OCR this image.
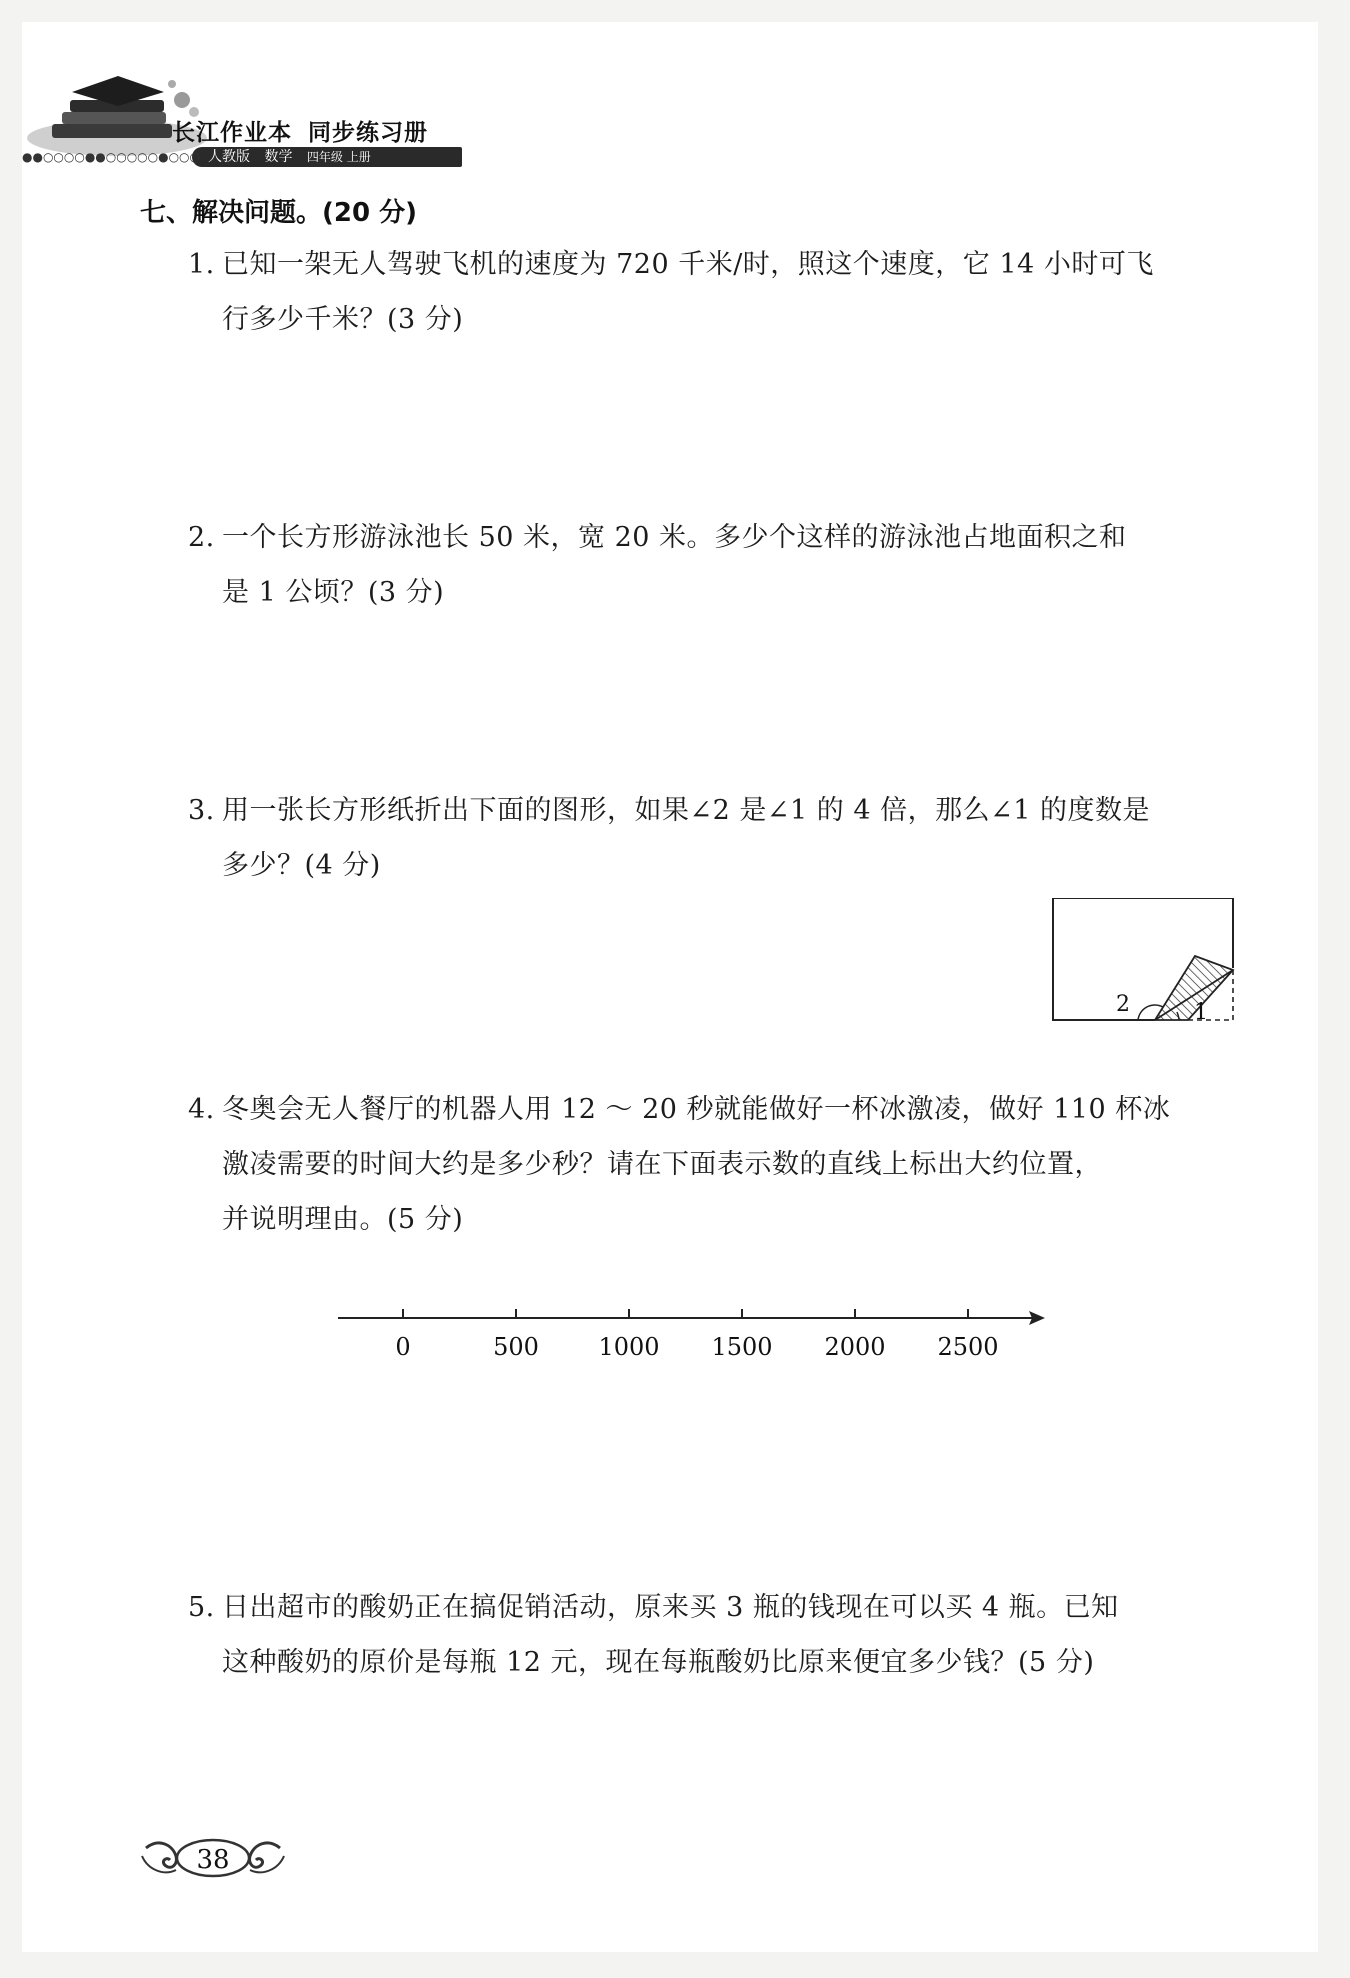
长江作业本 同步练习册
人教版 数学 四年级 上册
●●○○○○●●○○○○○●○○○
七、解决问题。(20 分)
1. 已知一架无人驾驶飞机的速度为 720 千米/时，照这个速度，它 14 小时可飞
行多少千米？(3 分)
2. 一个长方形游泳池长 50 米，宽 20 米。多少个这样的游泳池占地面积之和
是 1 公顷？(3 分)
3. 用一张长方形纸折出下面的图形，如果∠2 是∠1 的 4 倍，那么∠1 的度数是
多少？(4 分)
2	1
4. 冬奥会无人餐厅的机器人用 12 ～ 20 秒就能做好一杯冰激凌，做好 110 杯冰
激凌需要的时间大约是多少秒？请在下面表示数的直线上标出大约位置，
并说明理由。(5 分)
0	500 1000 1500 2000 2500
5. 日出超市的酸奶正在搞促销活动，原来买 3 瓶的钱现在可以买 4 瓶。已知
这种酸奶的原价是每瓶 12 元，现在每瓶酸奶比原来便宜多少钱？(5 分)
38
